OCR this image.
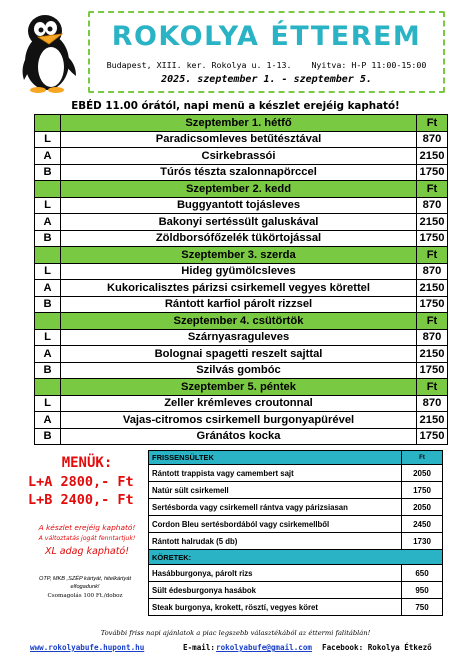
ROKOLYA ÉTTEREM
Budapest, XIII. ker. Rokolya u. 1-13.    Nyitva: H-P 11:00-15:00
2025. szeptember 1. - szeptember 5.
EBÉD 11.00 órától, napi menü a készlet erejéig kapható!
	Szeptember 1. hétfő	Ft
L	Paradicsomleves betűtésztával	870
A	Csirkebrassói	2150
B	Túrós tészta szalonnapörccel	1750
	Szeptember 2. kedd	Ft
L	Buggyantott tojásleves	870
A	Bakonyi sertéssült galuskával	2150
B	Zöldborsófőzelék tükörtojással	1750
	Szeptember 3. szerda	Ft
L	Hideg gyümölcsleves	870
A	Kukoricalisztes párizsi csirkemell vegyes körettel	2150
B	Rántott karfiol párolt rizzsel	1750
	Szeptember 4. csütörtök	Ft
L	Szárnyasraguleves	870
A	Bolognai spagetti reszelt sajttal	2150
B	Szilvás gombóc	1750
	Szeptember 5. péntek	Ft
L	Zeller krémleves croutonnal	870
A	Vajas-citromos csirkemell burgonyapürével	2150
B	Gránátos kocka	1750
MENÜK:
L+A 2800,- Ft
L+B 2400,- Ft
A készlet erejéig kapható!
A változtatás jogát fenntartjuk!
XL adag kapható!
OTP, MKB ,SZÉP kártyát, hitelkártyát
elfogadunk!
Csomagolás 100 Ft./doboz
FRISSENSÜLTEK	Ft
Rántott trappista vagy camembert sajt	2050
Natúr sült csirkemell	1750
Sertésborda vagy csirkemell rántva vagy párizsiasan	2050
Cordon Bleu sertésbordából vagy csirkemellből	2450
Rántott halrudak (5 db)	1730
KÖRETEK:	
Hasábburgonya, párolt rizs	650
Sült édesburgonya hasábok	950
Steak burgonya, krokett, rösztí, vegyes köret	750
További friss napi ajánlatok a piac legszebb választékából az éttermi falitáblán!
www.rokolyabufe.hupont.hu	E-mail: rokolyabufe@gmail.com Facebook: Rokolya Étkező
